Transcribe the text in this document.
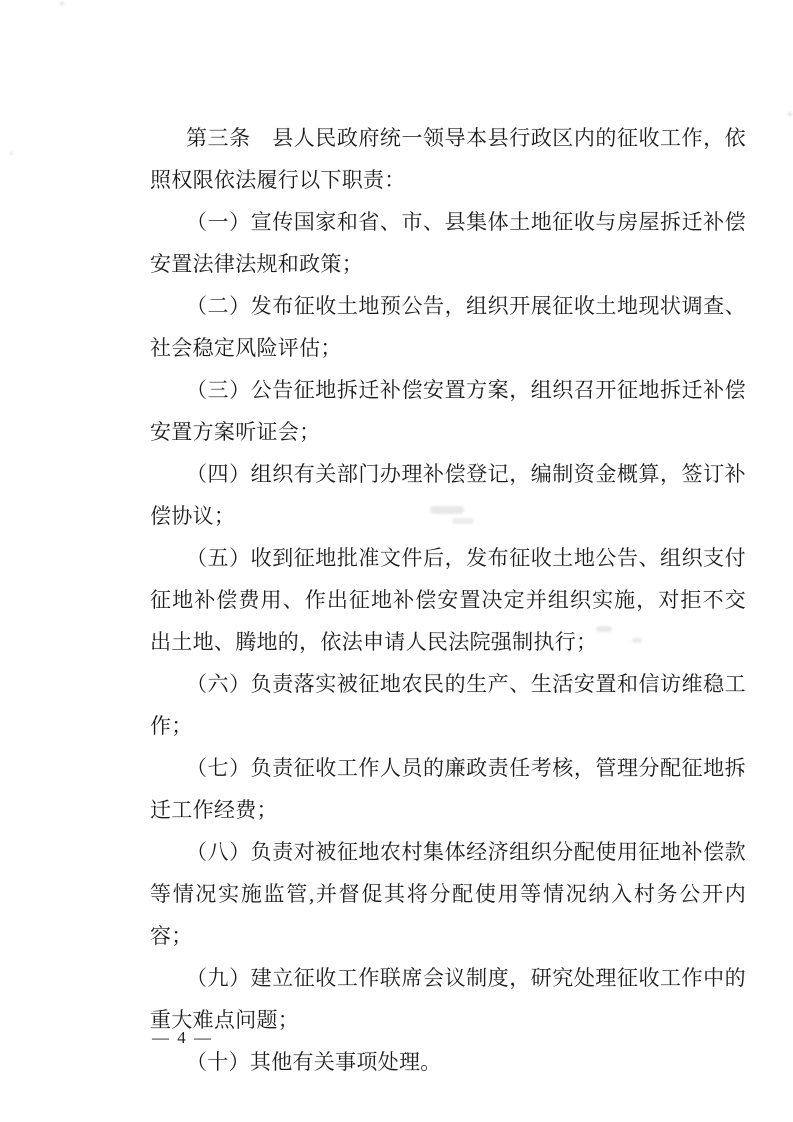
第三条　县人民政府统一领导本县行政区内的征收工作，依照权限依法履行以下职责：

（一）宣传国家和省、市、县集体土地征收与房屋拆迁补偿安置法律法规和政策；

（二）发布征收土地预公告，组织开展征收土地现状调查、社会稳定风险评估；

（三）公告征地拆迁补偿安置方案，组织召开征地拆迁补偿安置方案听证会；

（四）组织有关部门办理补偿登记，编制资金概算，签订补偿协议；

（五）收到征地批准文件后，发布征收土地公告、组织支付征地补偿费用、作出征地补偿安置决定并组织实施，对拒不交出土地、腾地的，依法申请人民法院强制执行；

（六）负责落实被征地农民的生产、生活安置和信访维稳工作；

（七）负责征收工作人员的廉政责任考核，管理分配征地拆迁工作经费；

（八）负责对被征地农村集体经济组织分配使用征地补偿款等情况实施监管,并督促其将分配使用等情况纳入村务公开内容；

（九）建立征收工作联席会议制度，研究处理征收工作中的重大难点问题；

（十）其他有关事项处理。

— 4 —
